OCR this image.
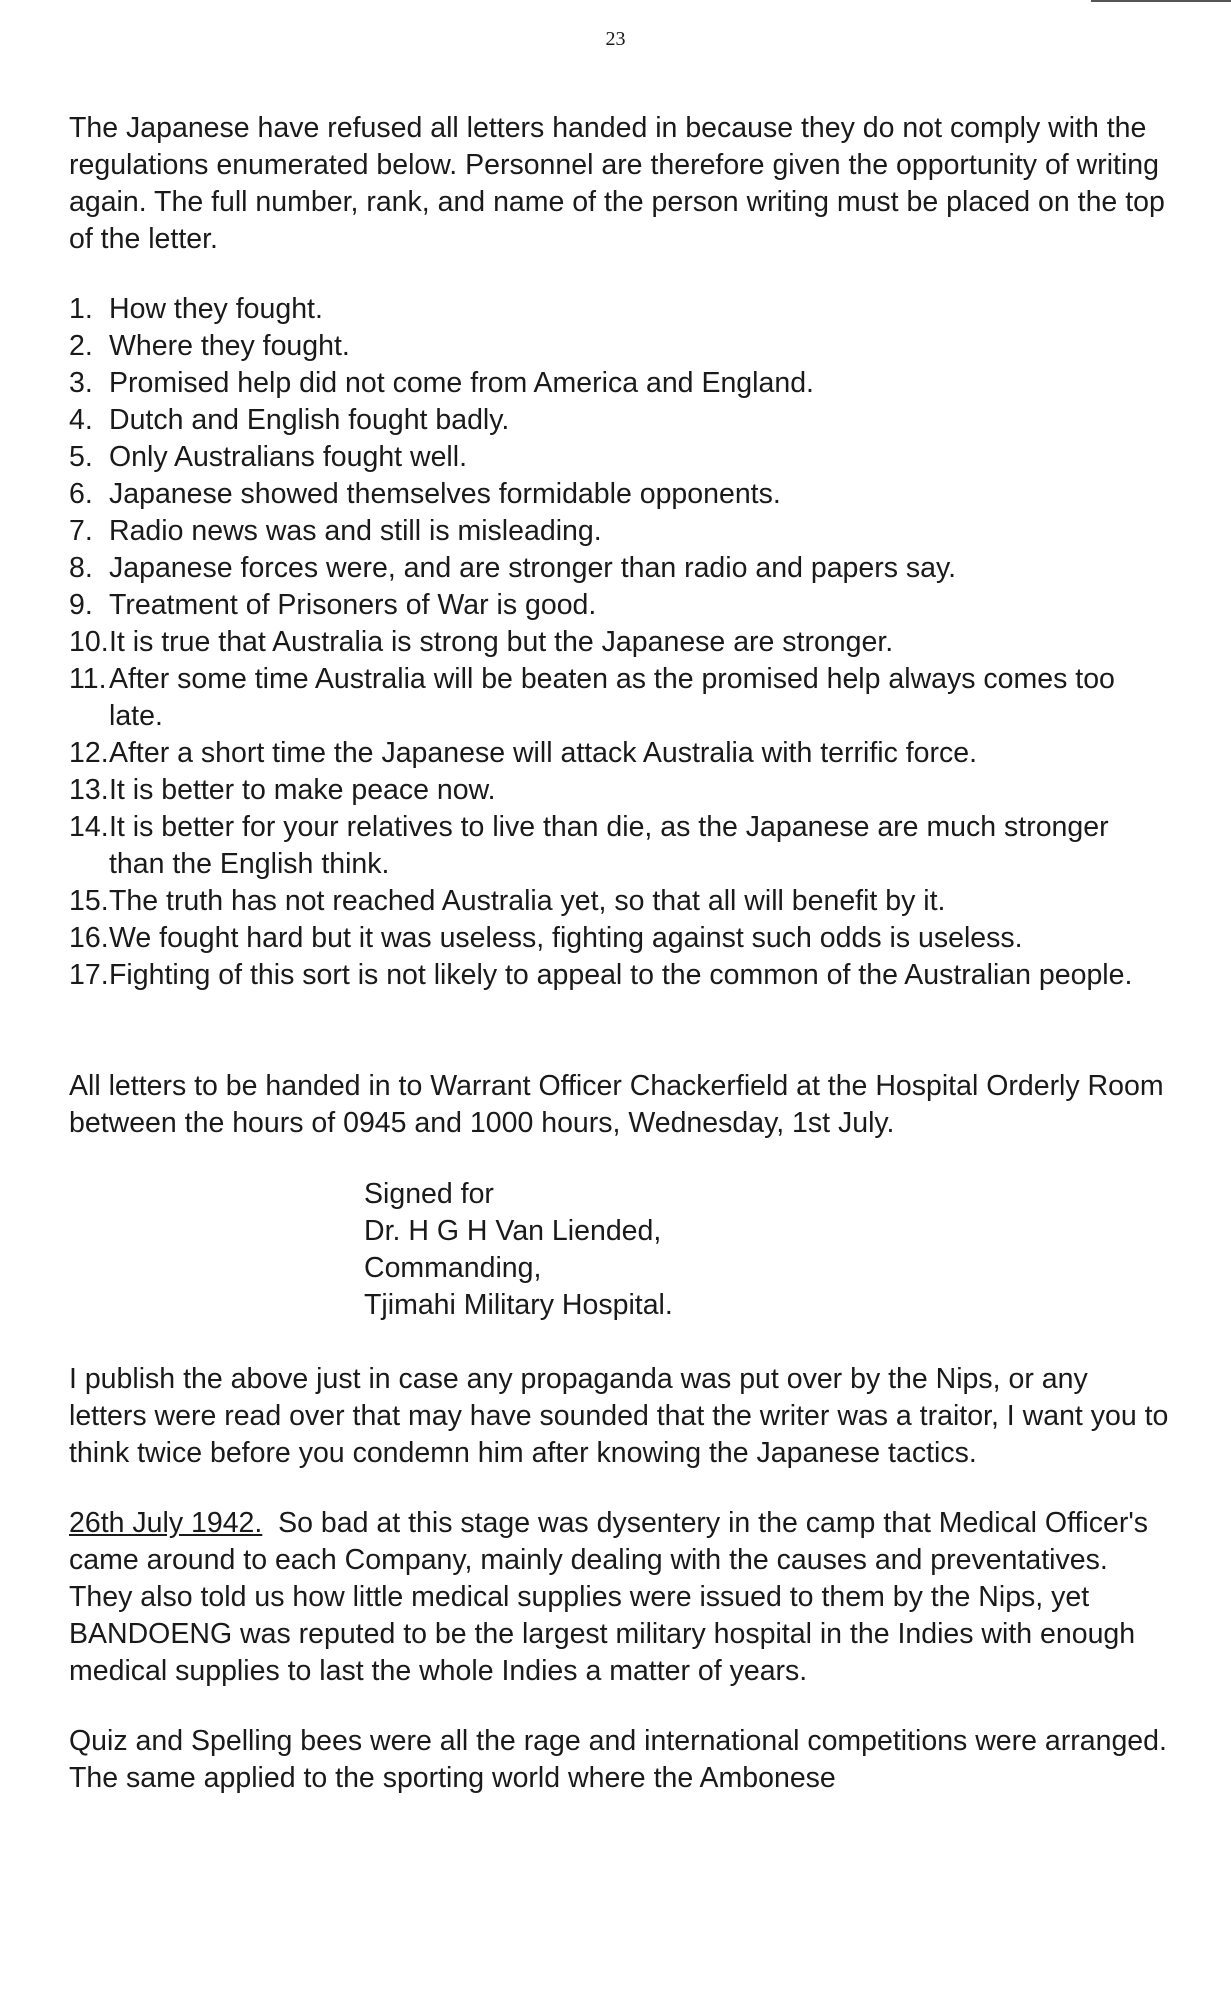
23

The Japanese have refused all letters handed in because they do not comply with the regulations enumerated below. Personnel are therefore given the opportunity of writing again. The full number, rank, and name of the person writing must be placed on the top of the letter.

1. How they fought.
2. Where they fought.
3. Promised help did not come from America and England.
4. Dutch and English fought badly.
5. Only Australians fought well.
6. Japanese showed themselves formidable opponents.
7. Radio news was and still is misleading.
8. Japanese forces were, and are stronger than radio and papers say.
9. Treatment of Prisoners of War is good.
10. It is true that Australia is strong but the Japanese are stronger.
11. After some time Australia will be beaten as the promised help always comes too late.
12. After a short time the Japanese will attack Australia with terrific force.
13. It is better to make peace now.
14. It is better for your relatives to live than die, as the Japanese are much stronger than the English think.
15. The truth has not reached Australia yet, so that all will benefit by it.
16. We fought hard but it was useless, fighting against such odds is useless.
17. Fighting of this sort is not likely to appeal to the common of the Australian people.

All letters to be handed in to Warrant Officer Chackerfield at the Hospital Orderly Room between the hours of 0945 and 1000 hours, Wednesday, 1st July.

Signed for
Dr. H G H Van Liended,
Commanding,
Tjimahi Military Hospital.

I publish the above just in case any propaganda was put over by the Nips, or any letters were read over that may have sounded that the writer was a traitor, I want you to think twice before you condemn him after knowing the Japanese tactics.

26th July 1942. So bad at this stage was dysentery in the camp that Medical Officer's came around to each Company, mainly dealing with the causes and preventatives. They also told us how little medical supplies were issued to them by the Nips, yet BANDOENG was reputed to be the largest military hospital in the Indies with enough medical supplies to last the whole Indies a matter of years.

Quiz and Spelling bees were all the rage and international competitions were arranged. The same applied to the sporting world where the Ambonese
